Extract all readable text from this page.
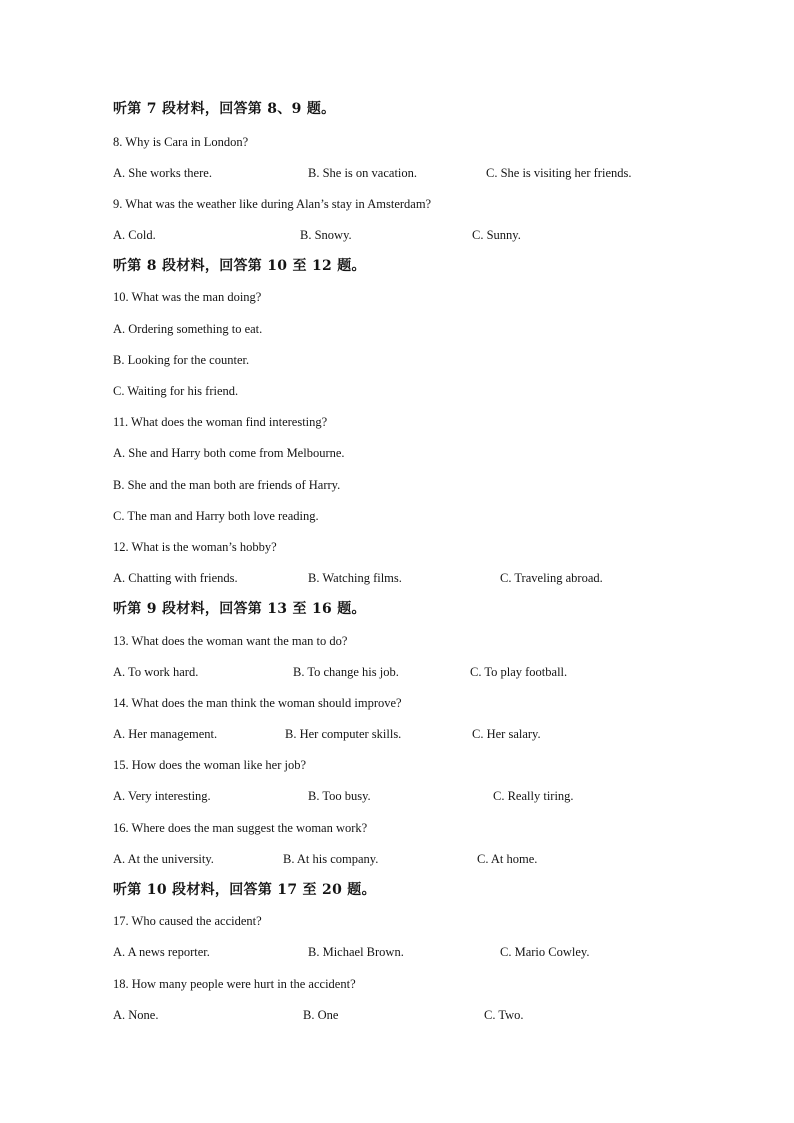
听第 7 段材料，回答第 8、9 题。
8. Why is Cara in London?
A. She works there.	B. She is on vacation.	C. She is visiting her friends.
9. What was the weather like during Alan’s stay in Amsterdam?
A. Cold.	B. Snowy.	C. Sunny.
听第 8 段材料，回答第 10 至 12 题。
10. What was the man doing?
A. Ordering something to eat.
B. Looking for the counter.
C. Waiting for his friend.
11. What does the woman find interesting?
A. She and Harry both come from Melbourne.
B. She and the man both are friends of Harry.
C. The man and Harry both love reading.
12. What is the woman’s hobby?
A. Chatting with friends.	B. Watching films.	C. Traveling abroad.
听第 9 段材料，回答第 13 至 16 题。
13. What does the woman want the man to do?
A. To work hard.	B. To change his job.	C. To play football.
14. What does the man think the woman should improve?
A. Her management.	B. Her computer skills.	C. Her salary.
15. How does the woman like her job?
A. Very interesting.	B. Too busy.	C. Really tiring.
16. Where does the man suggest the woman work?
A. At the university.	B. At his company.	C. At home.
听第 10 段材料，回答第 17 至 20 题。
17. Who caused the accident?
A. A news reporter.	B. Michael Brown.	C. Mario Cowley.
18. How many people were hurt in the accident?
A. None.	B. One	C. Two.
